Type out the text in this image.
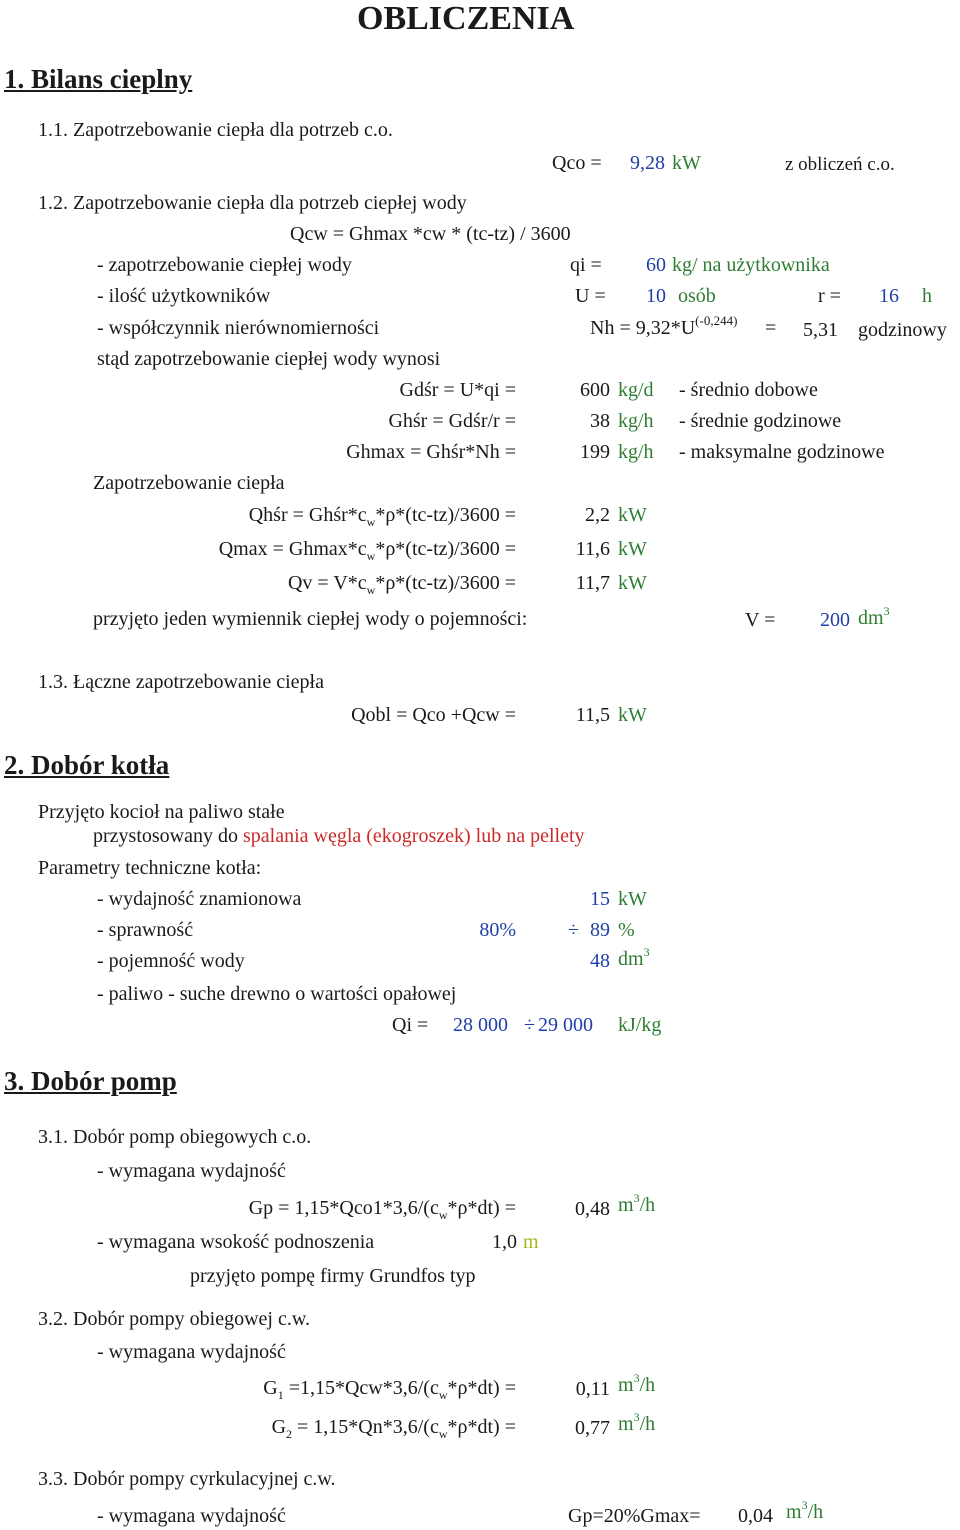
OBLICZENIA
1. Bilans cieplny
1.1. Zapotrzebowanie ciepła dla potrzeb c.o.
Qco =	9,28 kW	z obliczeń c.o.
1.2. Zapotrzebowanie ciepła dla potrzeb ciepłej wody
Qcw = Ghmax *cw * (tc-tz) / 3600
- zapotrzebowanie ciepłej wody	qi =	60 kg/ na użytkownika
- ilość użytkowników	U =	10 osób	r =	16 h
- współczynnik nierównomierności	$Nh = 9,32*U^{(-0,244)}$ =	5,31 godzinowy
stąd zapotrzebowanie ciepłej wody wynosi
Gdśr = U*qi =	600 kg/d - średnio dobowe
Ghśr = Gdśr/r =	38 kg/h - średnie godzinowe
Ghmax = Ghśr*Nh =	199 kg/h - maksymalne godzinowe
Zapotrzebowanie ciepła
Qhśr = $Ghśr*c_w*\rho*(tc-tz)/3600$ =	2,2 kW
$Qmax = Ghmax*c_w*\rho*(tc-tz)/3600$ =	11,6 kW
$Qv = V*c_w*\rho*(tc-tz)/3600$ =	11,7 kW
przyjęto jeden wymiennik ciepłej wody o pojemności:	V =	200 $dm^3$
1.3. Łączne zapotrzebowanie ciepła
Qobl = Qco +Qcw =	11,5 kW
2. Dobór kotła
Przyjęto kocioł na paliwo stałe
przystosowany do spalania węgla (ekogroszek) lub na pellety
Parametry techniczne kotła:
- wydajność znamionowa	15 kW
- sprawność	80%	÷ 89 %
- pojemność wody	48 $dm^3$
- paliwo - suche drewno o wartości opałowej
Qi = 28 000 ÷ 29 000 kJ/kg
3. Dobór pomp
3.1. Dobór pomp obiegowych c.o.
- wymagana wydajność
$Gp = 1,15*Qco1*3,6/(c_w*\rho*dt)$ =	0,48 $m^3/h$
- wymagana wsokość podnoszenia	1,0 m
przyjęto pompę firmy Grundfos typ
3.2. Dobór pompy obiegowej c.w.
- wymagana wydajność
$G_1 =1,15*Qcw*3,6/(c_w*\rho*dt)$ =	0,11 $m^3/h$
$G_2 = 1,15*Qn*3,6/(c_w*\rho*dt)$ =	0,77 $m^3/h$
3.3. Dobór pompy cyrkulacyjnej c.w.
- wymagana wydajność	Gp=20%Gmax= 0,04 $m^3/h$
